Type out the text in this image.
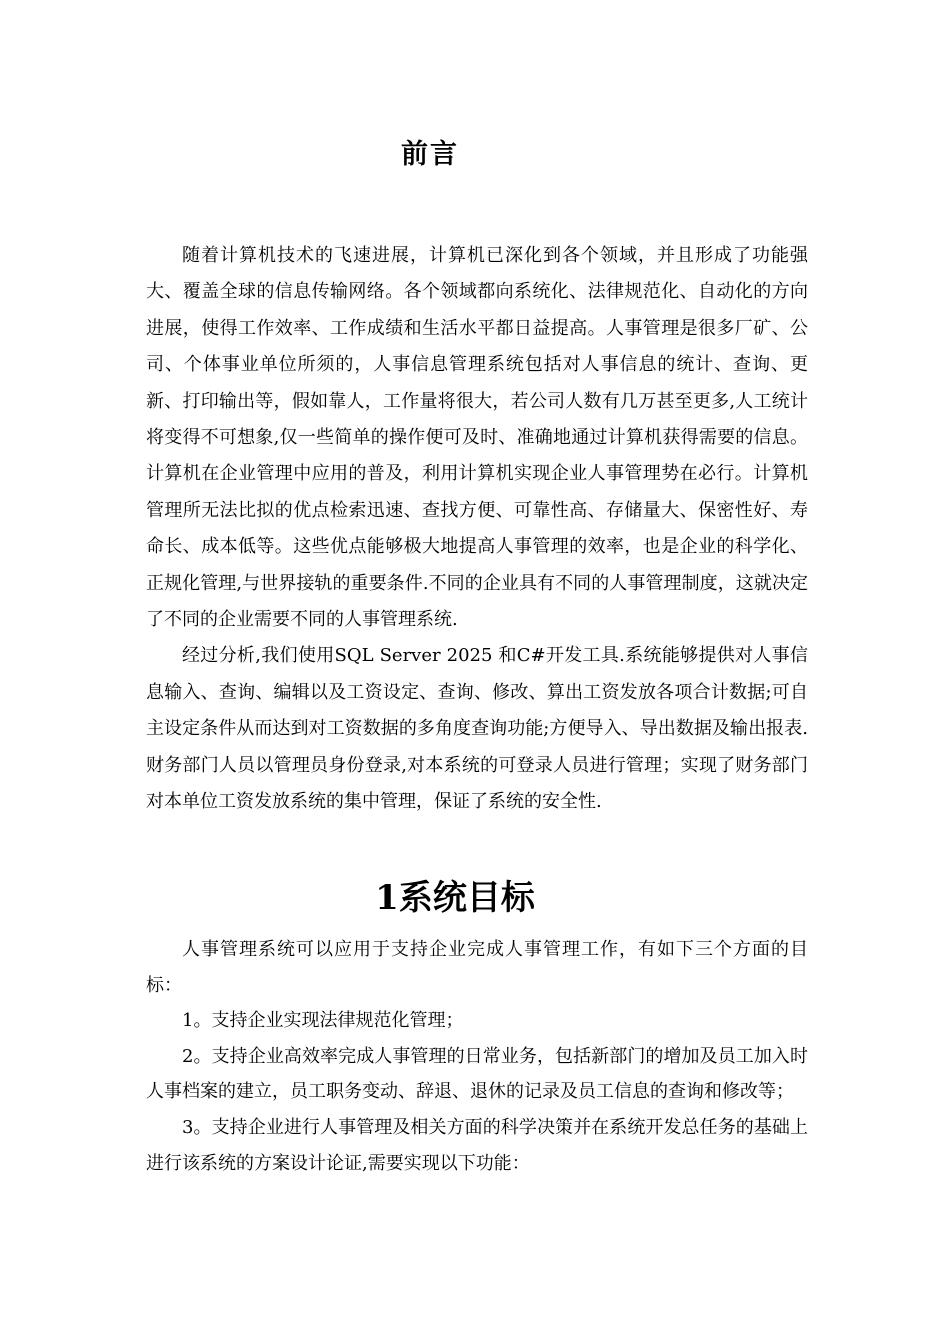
前言

随着计算机技术的飞速进展，计算机已深化到各个领域，并且形成了功能强大、覆盖全球的信息传输网络。各个领域都向系统化、法律规范化、自动化的方向进展，使得工作效率、工作成绩和生活水平都日益提高。人事管理是很多厂矿、公司、个体事业单位所须的，人事信息管理系统包括对人事信息的统计、查询、更新、打印输出等，假如靠人，工作量将很大，若公司人数有几万甚至更多,人工统计将变得不可想象,仅一些简单的操作便可及时、准确地通过计算机获得需要的信息。计算机在企业管理中应用的普及，利用计算机实现企业人事管理势在必行。计算机管理所无法比拟的优点检索迅速、查找方便、可靠性高、存储量大、保密性好、寿命长、成本低等。这些优点能够极大地提高人事管理的效率，也是企业的科学化、正规化管理,与世界接轨的重要条件.不同的企业具有不同的人事管理制度，这就决定了不同的企业需要不同的人事管理系统.

经过分析,我们使用SQL Server 2025 和C#开发工具.系统能够提供对人事信息输入、查询、编辑以及工资设定、查询、修改、算出工资发放各项合计数据;可自主设定条件从而达到对工资数据的多角度查询功能;方便导入、导出数据及输出报表.财务部门人员以管理员身份登录,对本系统的可登录人员进行管理；实现了财务部门对本单位工资发放系统的集中管理，保证了系统的安全性.

1系统目标

人事管理系统可以应用于支持企业完成人事管理工作，有如下三个方面的目标：

1。支持企业实现法律规范化管理；

2。支持企业高效率完成人事管理的日常业务，包括新部门的增加及员工加入时人事档案的建立，员工职务变动、辞退、退休的记录及员工信息的查询和修改等；

3。支持企业进行人事管理及相关方面的科学决策并在系统开发总任务的基础上进行该系统的方案设计论证,需要实现以下功能：
